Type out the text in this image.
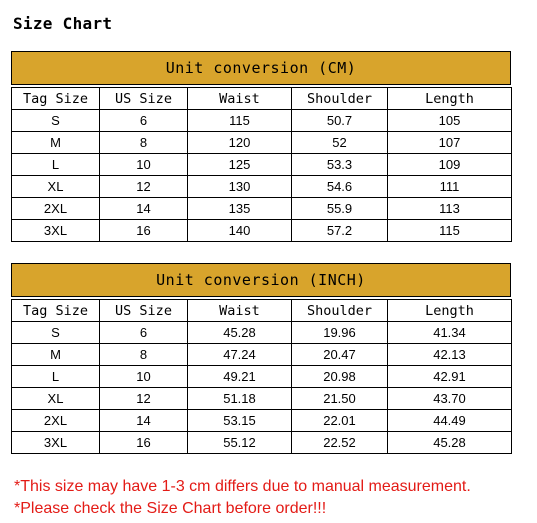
Size Chart
Unit conversion (CM)
Tag Size	US Size	Waist	Shoulder	Length
S	6	115	50.7	105
M	8	120	52	107
L	10	125	53.3	109
XL	12	130	54.6	111
2XL	14	135	55.9	113
3XL	16	140	57.2	115
Unit conversion (INCH)
Tag Size	US Size	Waist	Shoulder	Length
S	6	45.28	19.96	41.34
M	8	47.24	20.47	42.13
L	10	49.21	20.98	42.91
XL	12	51.18	21.50	43.70
2XL	14	53.15	22.01	44.49
3XL	16	55.12	22.52	45.28
*This size may have 1-3 cm differs due to manual measurement.
*Please check the Size Chart before order!!!
